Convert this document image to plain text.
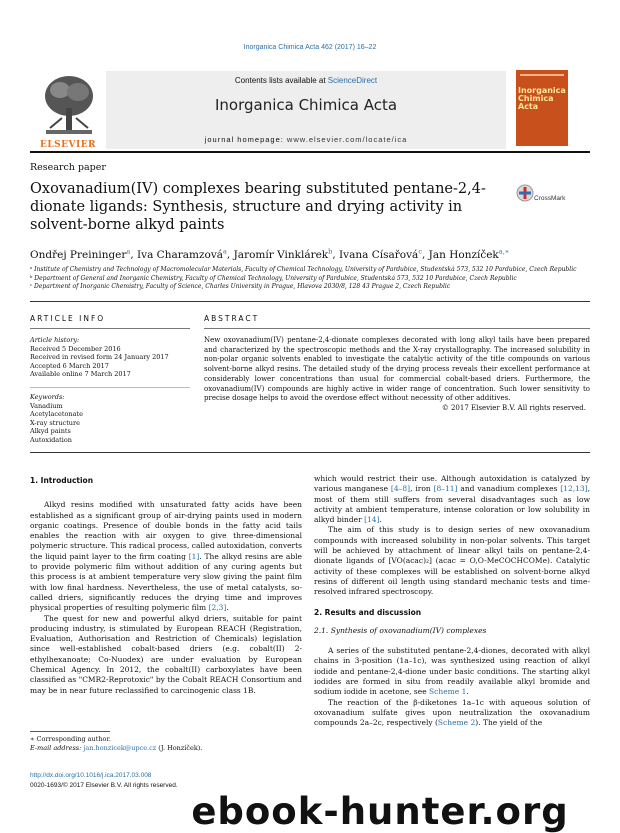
Inorganica Chimica Acta 462 (2017) 16–22
Contents lists available at ScienceDirect
Inorganica Chimica Acta
journal homepage: www.elsevier.com/locate/ica
ELSEVIER
Inorganica
Chimica
Acta
Research paper
Oxovanadium(IV) complexes bearing substituted pentane-2,4-dionate ligands: Synthesis, structure and drying activity in solvent-borne alkyd paints
CrossMark
Ondřej Preininger$^a$, Iva Charamzová$^a$, Jaromír Vinklárek$^b$, Ivana Císařová$^c$, Jan Honzíček$^{a,∗}$
ᵃ Institute of Chemistry and Technology of Macromolecular Materials, Faculty of Chemical Technology, University of Pardubice, Studentská 573, 532 10 Pardubice, Czech Republic
ᵇ Department of General and Inorganic Chemistry, Faculty of Chemical Technology, University of Pardubice, Studentská 573, 532 10 Pardubice, Czech Republic
ᶜ Department of Inorganic Chemistry, Faculty of Science, Charles University in Prague, Hlavova 2030/8, 128 43 Prague 2, Czech Republic
ARTICLE INFO	ABSTRACT
Article history:
Received 5 December 2016
Received in revised form 24 January 2017
Accepted 6 March 2017
Available online 7 March 2017
Keywords:
Vanadium
Acetylacetonate
X-ray structure
Alkyd paints
Autoxidation
New oxovanadium(IV) pentane-2,4-dionate complexes decorated with long alkyl tails have been prepared and characterized by the spectroscopic methods and the X-ray crystallography. The increased solubility in non-polar organic solvents enabled to investigate the catalytic activity of the title compounds on various solvent-borne alkyd resins. The detailed study of the drying process reveals their excellent performance at considerably lower concentrations than usual for commercial cobalt-based driers. Furthermore, the oxovanadium(IV) compounds are highly active in wider range of concentration. Such lower sensitivity to precise dosage helps to avoid the overdose effect without necessity of other additives.
© 2017 Elsevier B.V. All rights reserved.

1. Introduction

Alkyd resins modified with unsaturated fatty acids have been established as a significant group of air-drying paints used in modern organic coatings. Presence of double bonds in the fatty acid tails enables the reaction with air oxygen to give three-dimensional polymeric structure. This radical process, called autoxidation, converts the liquid paint layer to the firm coating [1]. The alkyd resins are able to provide polymeric film without addition of any curing agents but this process is at ambient temperature very slow giving the paint film with low final hardness. Nevertheless, the use of metal catalysts, so-called driers, significantly reduces the drying time and improves physical properties of resulting polymeric film [2,3].

The quest for new and powerful alkyd driers, suitable for paint producing industry, is stimulated by European REACH (Registration, Evaluation, Authorisation and Restriction of Chemicals) legislation since well-established cobalt-based driers (e.g. cobalt(II) 2-ethylhexanoate; Co-Nuodex) are under evaluation by European Chemical Agency. In 2012, the cobalt(II) carboxylates have been classified as "CMR2-Reprotoxic" by the Cobalt REACH Consortium and may be in near future reclassified to carcinogenic class 1B.

which would restrict their use. Although autoxidation is catalyzed by various manganese [4–8], iron [8–11] and vanadium complexes [12,13], most of them still suffers from several disadvantages such as low activity at ambient temperature, intense coloration or low solubility in alkyd binder [14].

The aim of this study is to design series of new oxovanadium compounds with increased solubility in non-polar solvents. This target will be achieved by attachment of linear alkyl tails on pentane-2,4-dionate ligands of [VO(acac)₂] (acac = O,O-MeCOCHCOMe). Catalytic activity of these complexes will be established on solvent-borne alkyd resins of different oil length using standard mechanic tests and time-resolved infrared spectroscopy.

2. Results and discussion

2.1. Synthesis of oxovanadium(IV) complexes

A series of the substituted pentane-2,4-diones, decorated with alkyl chains in 3-position (1a–1c), was synthesized using reaction of alkyl iodide and pentane-2,4-dione under basic conditions. The starting alkyl iodides are formed in situ from readily available alkyl bromide and sodium iodide in acetone, see Scheme 1.

The reaction of the β-diketones 1a–1c with aqueous solution of oxovanadium sulfate gives upon neutralization the oxovanadium compounds 2a–2c, respectively (Scheme 2). The yield of the

∗ Corresponding author.
E-mail address: jan.honzicek@upce.cz (J. Honzíček).
http://dx.doi.org/10.1016/j.ica.2017.03.008
0020-1693/© 2017 Elsevier B.V. All rights reserved.
ebook-hunter.org
